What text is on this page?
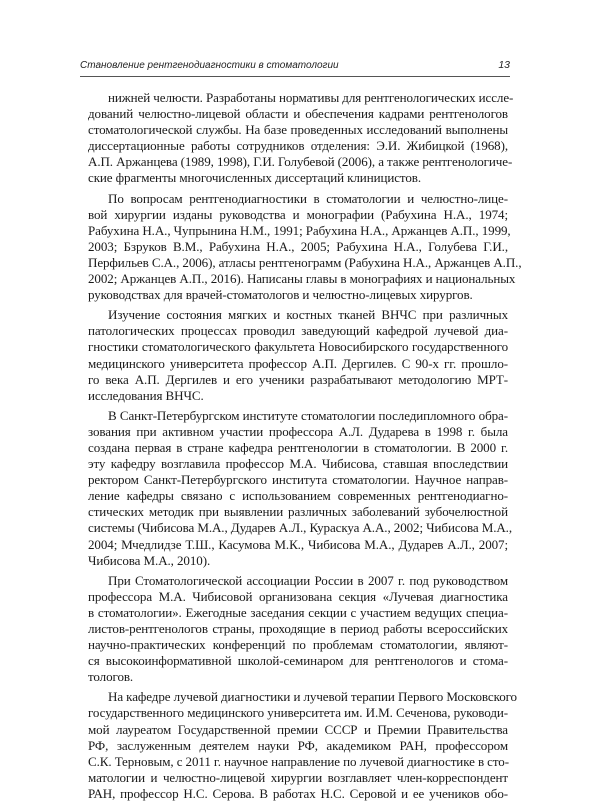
Становление рентгенодиагностики в стоматологии	13
нижней челюсти. Разработаны нормативы для рентгенологических иссле-
дований челюстно-лицевой области и обеспечения кадрами рентгенологов
стоматологической службы. На базе проведенных исследований выполнены
диссертационные работы сотрудников отделения: Э.И. Жибицкой (1968),
А.П. Аржанцева (1989, 1998), Г.И. Голубевой (2006), а также рентгенологиче-
ские фрагменты многочисленных диссертаций клиницистов.
По вопросам рентгенодиагностики в стоматологии и челюстно-лице-
вой хирургии изданы руководства и монографии (Рабухина Н.А., 1974;
Рабухина Н.А., Чупрынина Н.М., 1991; Рабухина Н.А., Аржанцев А.П., 1999,
2003; Бзруков В.М., Рабухина Н.А., 2005; Рабухина Н.А., Голубева Г.И.,
Перфильев С.А., 2006), атласы рентгенограмм (Рабухина Н.А., Аржанцев А.П.,
2002; Аржанцев А.П., 2016). Написаны главы в монографиях и национальных
руководствах для врачей-стоматологов и челюстно-лицевых хирургов.
Изучение состояния мягких и костных тканей ВНЧС при различных
патологических процессах проводил заведующий кафедрой лучевой диа-
гностики стоматологического факультета Новосибирского государственного
медицинского университета профессор А.П. Дергилев. С 90-х гг. прошло-
го века А.П. Дергилев и его ученики разрабатывают методологию МРТ-
исследования ВНЧС.
В Санкт-Петербургском институте стоматологии последипломного обра-
зования при активном участии профессора А.Л. Дударева в 1998 г. была
создана первая в стране кафедра рентгенологии в стоматологии. В 2000 г.
эту кафедру возглавила профессор М.А. Чибисова, ставшая впоследствии
ректором Санкт-Петербургского института стоматологии. Научное направ-
ление кафедры связано с использованием современных рентгенодиагно-
стических методик при выявлении различных заболеваний зубочелюстной
системы (Чибисова М.А., Дударев А.Л., Кураскуа А.А., 2002; Чибисова М.А.,
2004; Мчедлидзе Т.Ш., Касумова М.К., Чибисова М.А., Дударев А.Л., 2007;
Чибисова М.А., 2010).
При Стоматологической ассоциации России в 2007 г. под руководством
профессора М.А. Чибисовой организована секция «Лучевая диагностика
в стоматологии». Ежегодные заседания секции с участием ведущих специа-
листов-рентгенологов страны, проходящие в период работы всероссийских
научно-практических конференций по проблемам стоматологии, являют-
ся высокоинформативной школой-семинаром для рентгенологов и стома-
тологов.
На кафедре лучевой диагностики и лучевой терапии Первого Московского
государственного медицинского университета им. И.М. Сеченова, руководи-
мой лауреатом Государственной премии СССР и Премии Правительства
РФ, заслуженным деятелем науки РФ, академиком РАН, профессором
С.К. Терновым, с 2011 г. научное направление по лучевой диагностике в сто-
матологии и челюстно-лицевой хирургии возглавляет член-корреспондент
РАН, профессор Н.С. Серова. В работах Н.С. Серовой и ее учеников обо-
